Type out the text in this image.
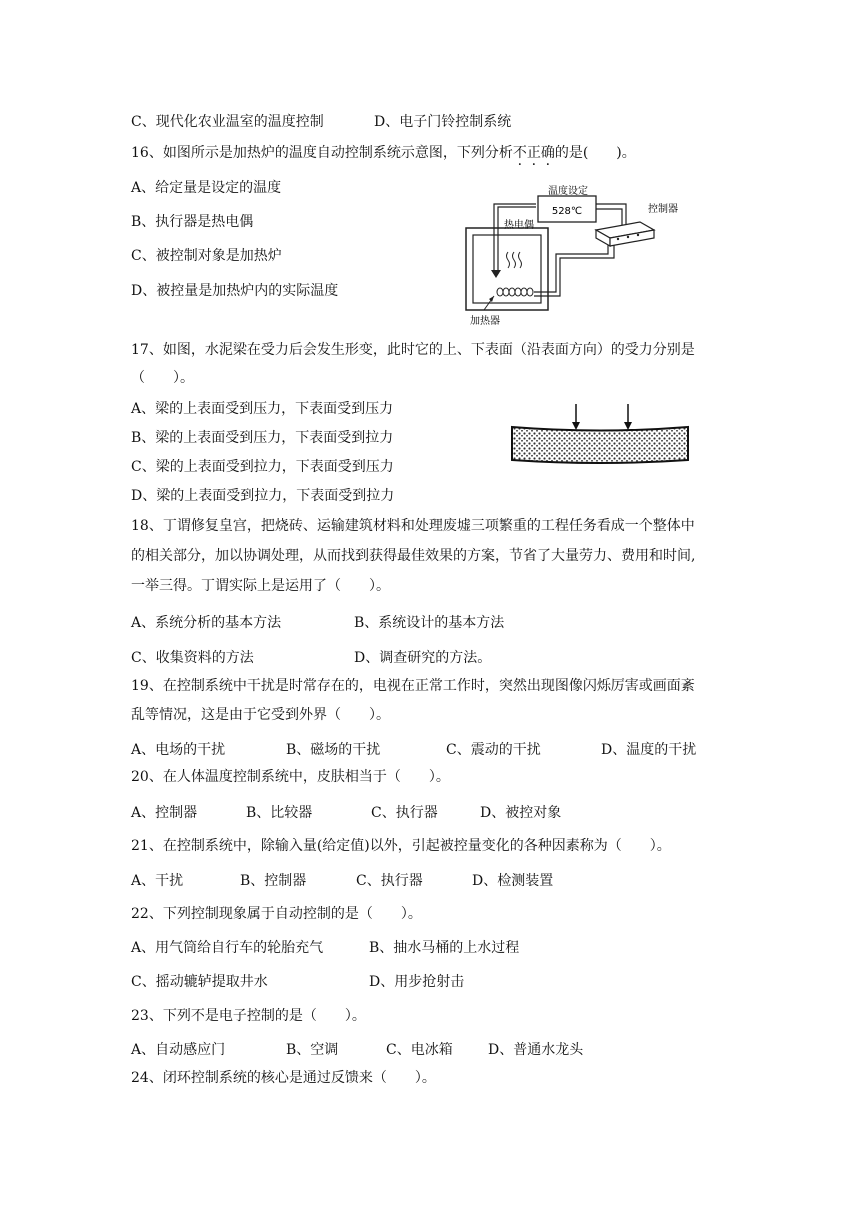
C、现代化农业温室的温度控制	D、电子门铃控制系统
16、如图所示是加热炉的温度自动控制系统示意图，下列分析不正确的是(　　)。
A、给定量是设定的温度
B、执行器是热电偶
C、被控制对象是加热炉
D、被控量是加热炉内的实际温度
528℃
温度设定
控制器
热电偶
加热器
17、如图，水泥梁在受力后会发生形变，此时它的上、下表面（沿表面方向）的受力分别是
（　　）。
A、梁的上表面受到压力，下表面受到压力
B、梁的上表面受到压力，下表面受到拉力
C、梁的上表面受到拉力，下表面受到压力
D、梁的上表面受到拉力，下表面受到拉力
18、丁谓修复皇宫，把烧砖、运输建筑材料和处理废墟三项繁重的工程任务看成一个整体中
的相关部分，加以协调处理，从而找到获得最佳效果的方案，节省了大量劳力、费用和时间,
一举三得。丁谓实际上是运用了（　　）。
A、系统分析的基本方法	B、系统设计的基本方法
C、收集资料的方法	D、调查研究的方法。
19、在控制系统中干扰是时常存在的，电视在正常工作时，突然出现图像闪烁厉害或画面紊
乱等情况，这是由于它受到外界（　　）。
A、电场的干扰	B、磁场的干扰	C、震动的干扰	D、温度的干扰
20、在人体温度控制系统中，皮肤相当于（　　）。
A、控制器	B、比较器	C、执行器	D、被控对象
21、在控制系统中，除输入量(给定值)以外，引起被控量变化的各种因素称为（　　）。
A、干扰	B、控制器	C、执行器	D、检测装置
22、下列控制现象属于自动控制的是（　　）。
A、用气筒给自行车的轮胎充气	B、抽水马桶的上水过程
C、摇动辘轳提取井水	D、用步抢射击
23、下列不是电子控制的是（　　）。
A、自动感应门	B、空调	C、电冰箱	D、普通水龙头
24、闭环控制系统的核心是通过反馈来（　　）。
